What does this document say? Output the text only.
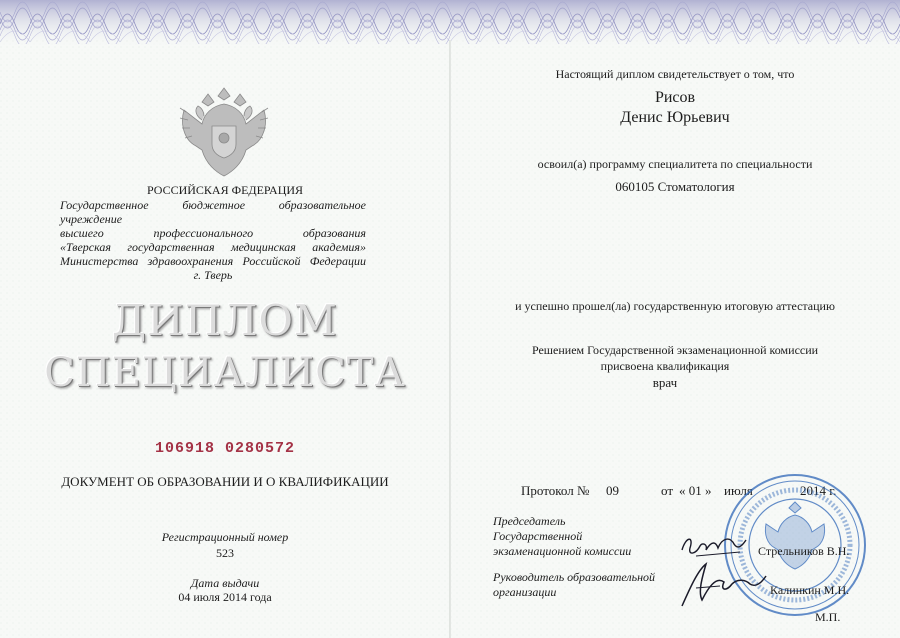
РОССИЙСКАЯ ФЕДЕРАЦИЯ
Государственное бюджетное образовательное учреждение
высшего профессионального образования
«Тверская государственная медицинская академия»
Министерства здравоохранения Российской Федерации
г. Тверь
ДИПЛОМ
СПЕЦИАЛИСТА
106918 0280572
ДОКУМЕНТ ОБ ОБРАЗОВАНИИ И О КВАЛИФИКАЦИИ
Регистрационный номер
523
Дата выдачи
04 июля 2014 года
Настоящий диплом свидетельствует о том, что
Рисов
Денис Юрьевич
освоил(а) программу специалитета по специальности
060105 Стоматология
и успешно прошел(ла) государственную итоговую аттестацию
Решением Государственной экзаменационной комиссии
присвоена квалификация
врач
Протокол № 09	от « 01 » июля	2014 г.
Председатель
Государственной
экзаменационной комиссии
Руководитель образовательной
организации
Стрельников В.Н.
Калинкин М.Н.
М.П.
